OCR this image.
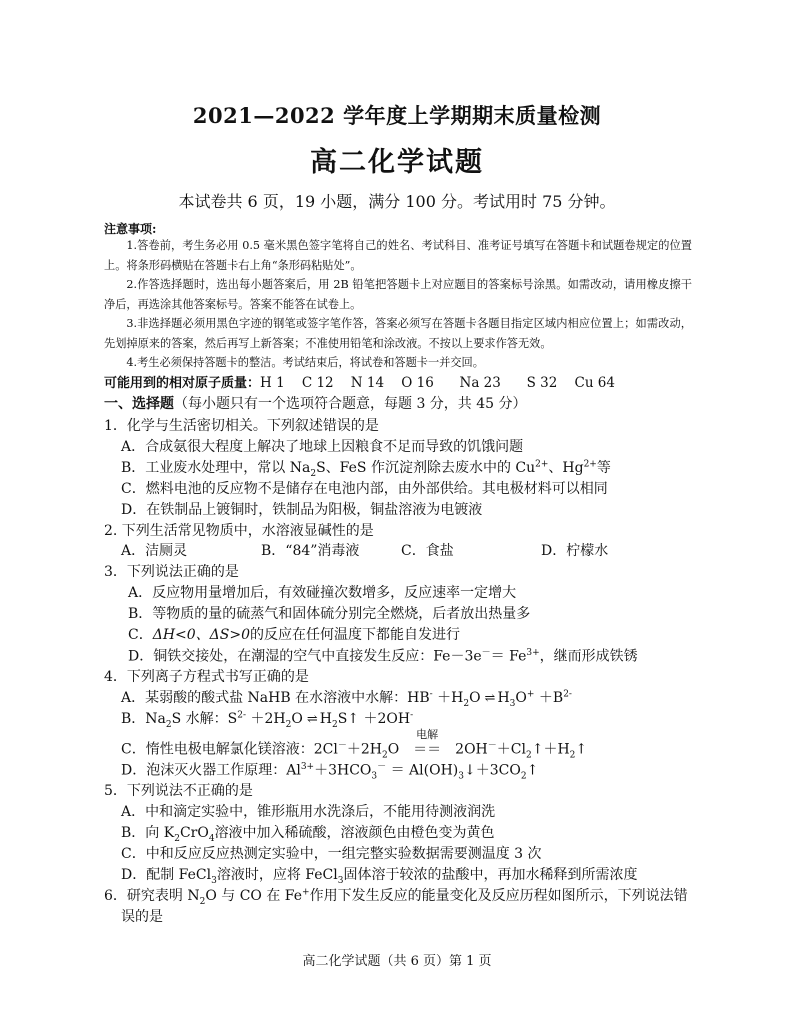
2021—2022 学年度上学期期末质量检测
高二化学试题
本试卷共 6 页，19 小题，满分 100 分。考试用时 75 分钟。
注意事项:

1.答卷前，考生务必用 0.5 毫米黑色签字笔将自己的姓名、考试科目、准考证号填写在答题卡和试题卷规定的位置上。将条形码横贴在答题卡右上角“条形码粘贴处”。

2.作答选择题时，选出每小题答案后，用 2B 铅笔把答题卡上对应题目的答案标号涂黑。如需改动，请用橡皮擦干净后，再选涂其他答案标号。答案不能答在试卷上。

3.非选择题必须用黑色字迹的钢笔或签字笔作答，答案必须写在答题卡各题目指定区域内相应位置上；如需改动，先划掉原来的答案，然后再写上新答案；不准使用铅笔和涂改液。不按以上要求作答无效。

4.考生必须保持答题卡的整洁。考试结束后，将试卷和答题卡一并交回。

可能用到的相对原子质量：H 1    C 12    N 14    O 16      Na 23      S 32    Cu 64
一、选择题（每小题只有一个选项符合题意，每题 3 分，共 45 分）
1．化学与生活密切相关。下列叙述错误的是
A．合成氨很大程度上解决了地球上因粮食不足而导致的饥饿问题
B．工业废水处理中，常以 $Na_2S$、FeS 作沉淀剂除去废水中的 $Cu^{2+}$、$Hg^{2+}$等
C．燃料电池的反应物不是储存在电池内部，由外部供给。其电极材料可以相同
D．在铁制品上镀铜时，铁制品为阳极，铜盐溶液为电镀液
2. 下列生活常见物质中，水溶液显碱性的是
A．洁厕灵	B．“84”消毒液	C．食盐	D．柠檬水
3．下列说法正确的是
A．反应物用量增加后，有效碰撞次数增多，反应速率一定增大
B．等物质的量的硫蒸气和固体硫分别完全燃烧，后者放出热量多
C．ΔH<0、ΔS>0的反应在任何温度下都能自发进行
D．铜铁交接处，在潮湿的空气中直接发生反应：$Fe-3e^-= Fe^{3+}$，继而形成铁锈
4．下列离子方程式书写正确的是
A．某弱酸的酸式盐 NaHB 在水溶液中水解：$HB^- +H_2O$ ⇌ $H_3O^+ +B^{2-}$
B．$Na_2S$ 水解：$S^{2-} +2H_2O$ ⇌ $H_2S↑ +2OH^-$
C．惰性电极电解氯化镁溶液：$2Cl^-+2H_2O$
电解
＝＝ $2OH^-+Cl_2↑+H_2↑$
D．泡沫灭火器工作原理：$Al^{3+}+3HCO_3^-$ ＝ $Al(OH)_3↓+3CO_2↑$
5．下列说法不正确的是
A．中和滴定实验中，锥形瓶用水洗涤后，不能用待测液润洗
B．向 $K_2CrO_4$溶液中加入稀硫酸，溶液颜色由橙色变为黄色
C．中和反应反应热测定实验中，一组完整实验数据需要测温度 3 次
D．配制 FeCl$_3$溶液时，应将 FeCl$_3$固体溶于较浓的盐酸中，再加水稀释到所需浓度
6．研究表明 $N_2O$ 与 CO 在 Fe+作用下发生反应的能量变化及反应历程如图所示，下列说法错
误的是
高二化学试题（共 6 页）第 1 页
